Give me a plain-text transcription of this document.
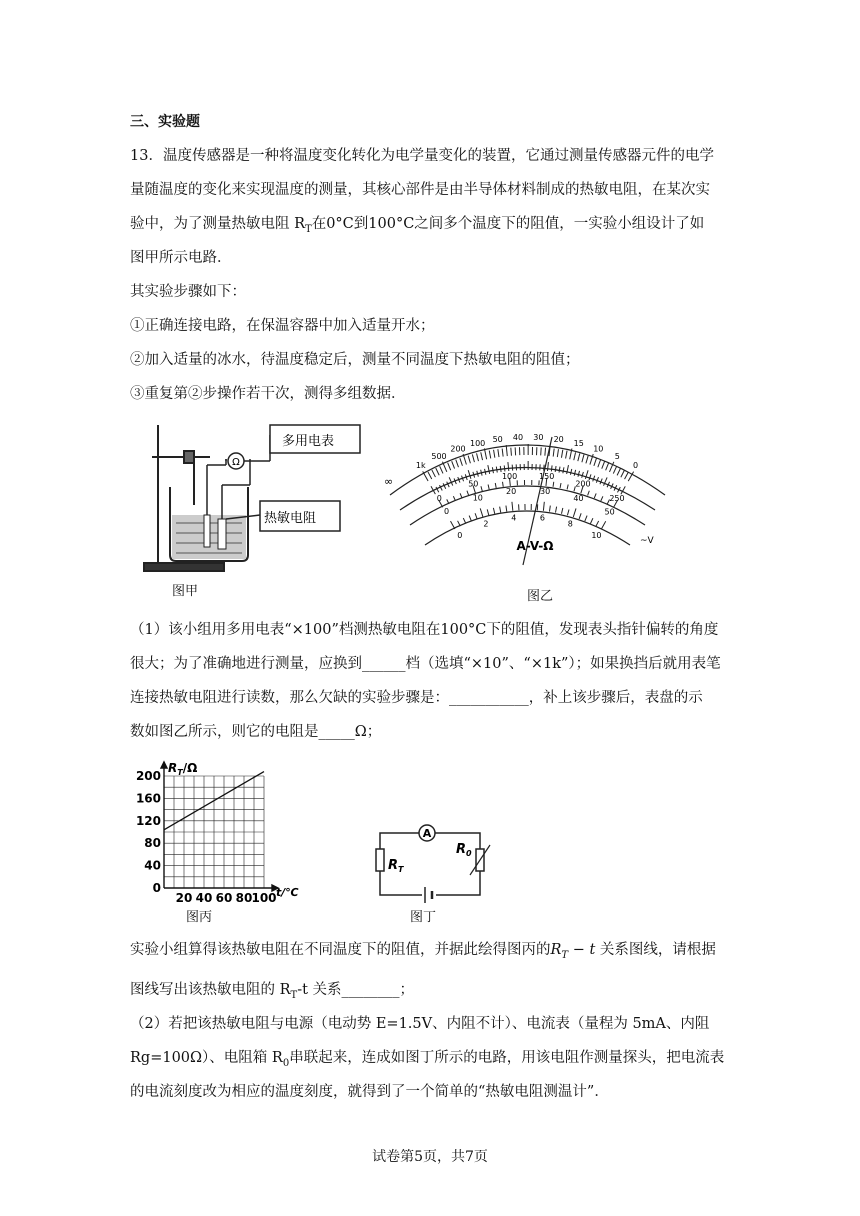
三、实验题
13．温度传感器是一种将温度变化转化为电学量变化的装置，它通过测量传感器元件的电学
量随温度的变化来实现温度的测量，其核心部件是由半导体材料制成的热敏电阻，在某次实
验中，为了测量热敏电阻 $R_T$在0°C到100°C之间多个温度下的阻值，一实验小组设计了如
图甲所示电路．
其实验步骤如下：
①正确连接电路，在保温容器中加入适量开水；
②加入适量的冰水，待温度稳定后，测量不同温度下热敏电阻的阻值；
③重复第②步操作若干次，测得多组数据．
Ω
多用电表
热敏电阻
图甲
A-V-Ω
∞
~V
1k
500
200
100 50 40 30 20 15
10
5
0
0
50
100	150
200
250
0
10
20	30
40
50
0
2
4	6
8
10
图乙
（1）该小组用多用电表“×100”档测热敏电阻在100°C下的阻值，发现表头指针偏转的角度
很大；为了准确地进行测量，应换到______档（选填“×10”、“×1k”）；如果换挡后就用表笔
连接热敏电阻进行读数，那么欠缺的实验步骤是：___________，补上该步骤后，表盘的示
数如图乙所示，则它的电阻是_____Ω；
$R_T/\Omega$
0
40
80
120
160
200
20 40 60 80 100 t/℃
图丙
A
$R_T$
$R_0$
图丁
实验小组算得该热敏电阻在不同温度下的阻值，并据此绘得图丙的$R_T - t$ 关系图线，请根据
图线写出该热敏电阻的 $R_T-t$ 关系________；
（2）若把该热敏电阻与电源（电动势 E=1.5V、内阻不计）、电流表（量程为 5mA、内阻
Rg=100Ω）、电阻箱 $R_0$串联起来，连成如图丁所示的电路，用该电阻作测量探头，把电流表
的电流刻度改为相应的温度刻度，就得到了一个简单的“热敏电阻测温计”．
试卷第5页，共7页
